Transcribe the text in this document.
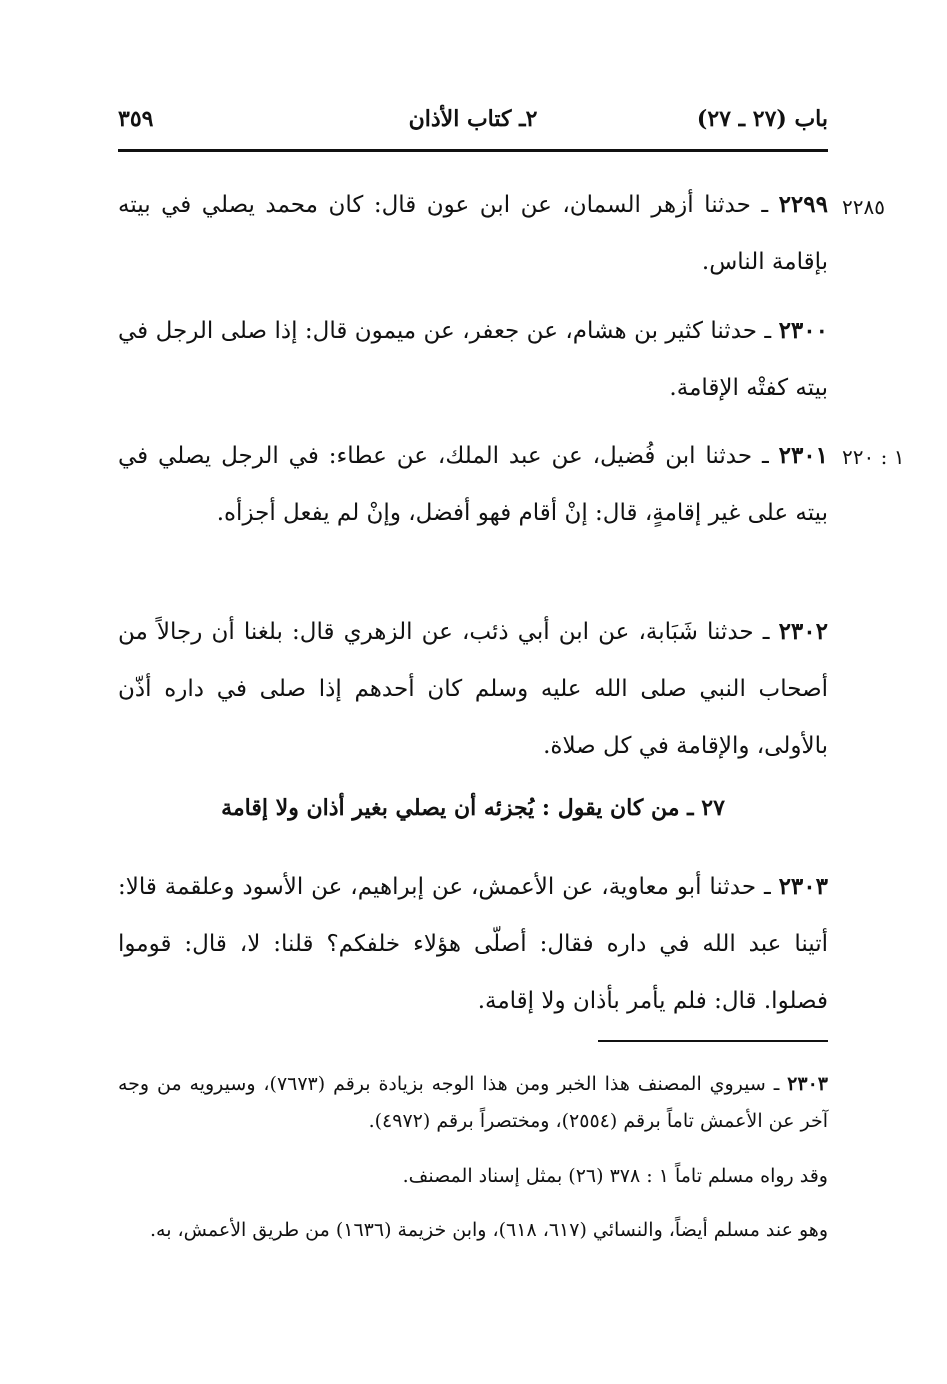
باب (٢٧ ـ ٢٧)
٢ـ كتاب الأذان
٣٥٩
٢٢٨٥
١ : ٢٢٠
٢٢٩٩ ـ حدثنا أزهر السمان، عن ابن عون قال: كان محمد يصلي في بيته بإقامة الناس.
٢٣٠٠ ـ حدثنا كثير بن هشام، عن جعفر، عن ميمون قال: إذا صلى الرجل في بيته كفتْه الإقامة.
٢٣٠١ ـ حدثنا ابن فُضيل، عن عبد الملك، عن عطاء: في الرجل يصلي في بيته على غير إقامةٍ، قال: إنْ أقام فهو أفضل، وإنْ لم يفعل أجزأه.
٢٣٠٢ ـ حدثنا شَبَابة، عن ابن أبي ذئب، عن الزهري قال: بلغنا أن رجالاً من أصحاب النبي صلى الله عليه وسلم كان أحدهم إذا صلى في داره أذّن بالأولى، والإقامة في كل صلاة.
٢٧ ـ من كان يقول : يُجزئه أن يصلي بغير أذان ولا إقامة
٢٣٠٣ ـ حدثنا أبو معاوية، عن الأعمش، عن إبراهيم، عن الأسود وعلقمة قالا: أتينا عبد الله في داره فقال: أصلّى هؤلاء خلفكم؟ قلنا: لا، قال: قوموا فصلوا. قال: فلم يأمر بأذان ولا إقامة.
٢٣٠٣ ـ سيروي المصنف هذا الخبر ومن هذا الوجه بزيادة برقم (٧٦٧٣)، وسيرويه من وجه آخر عن الأعمش تاماً برقم (٢٥٥٤)، ومختصراً برقم (٤٩٧٢).
وقد رواه مسلم تاماً ١ : ٣٧٨ (٢٦) بمثل إسناد المصنف.
وهو عند مسلم أيضاً، والنسائي (٦١٧، ٦١٨)، وابن خزيمة (١٦٣٦) من طريق الأعمش، به.
